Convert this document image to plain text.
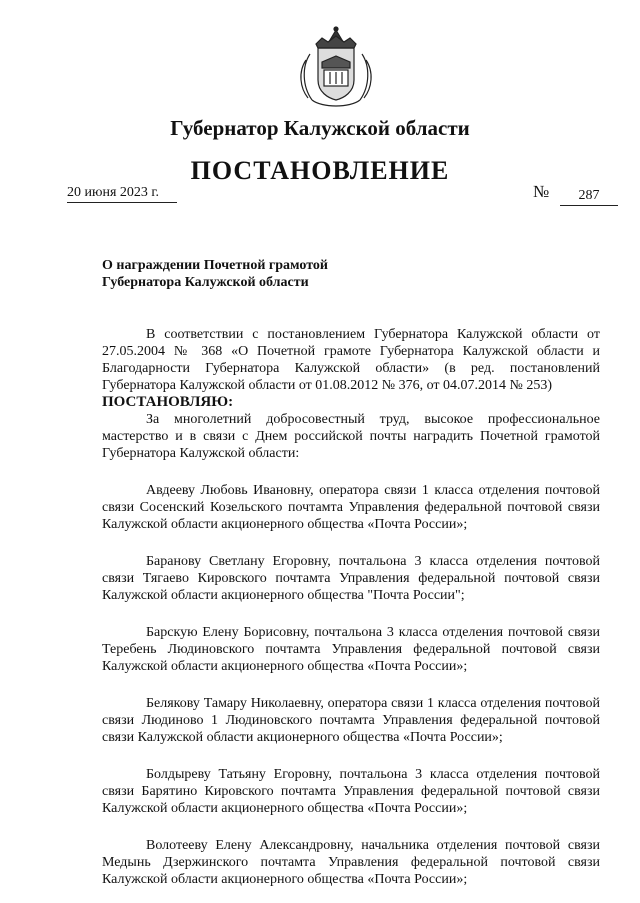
Губернатор Калужской области
ПОСТАНОВЛЕНИЕ
20 июня 2023 г.	№	287
О награждении Почетной грамотой
Губернатора Калужской области

В соответствии с постановлением Губернатора Калужской области от 27.05.2004 № 368 «О Почетной грамоте Губернатора Калужской области и Благодарности Губернатора Калужской области» (в ред. постановлений Губернатора Калужской области от 01.08.2012 № 376, от 04.07.2014 № 253)

ПОСТАНОВЛЯЮ:

За многолетний добросовестный труд, высокое профессиональное мастерство и в связи с Днем российской почты наградить Почетной грамотой Губернатора Калужской области:

Авдееву Любовь Ивановну, оператора связи 1 класса отделения почтовой связи Сосенский Козельского почтамта Управления федеральной почтовой связи Калужской области акционерного общества «Почта России»;

Баранову Светлану Егоровну, почтальона 3 класса отделения почтовой связи Тягаево Кировского почтамта Управления федеральной почтовой связи Калужской области акционерного общества "Почта России";

Барскую Елену Борисовну, почтальона 3 класса отделения почтовой связи Теребень Людиновского почтамта Управления федеральной почтовой связи Калужской области акционерного общества «Почта России»;

Белякову Тамару Николаевну, оператора связи 1 класса отделения почтовой связи Людиново 1 Людиновского почтамта Управления федеральной почтовой связи Калужской области акционерного общества «Почта России»;

Болдыреву Татьяну Егоровну, почтальона 3 класса отделения почтовой связи Барятино Кировского почтамта Управления федеральной почтовой связи Калужской области акционерного общества «Почта России»;

Волотееву Елену Александровну, начальника отделения почтовой связи Медынь Дзержинского почтамта Управления федеральной почтовой связи Калужской области акционерного общества «Почта России»;
